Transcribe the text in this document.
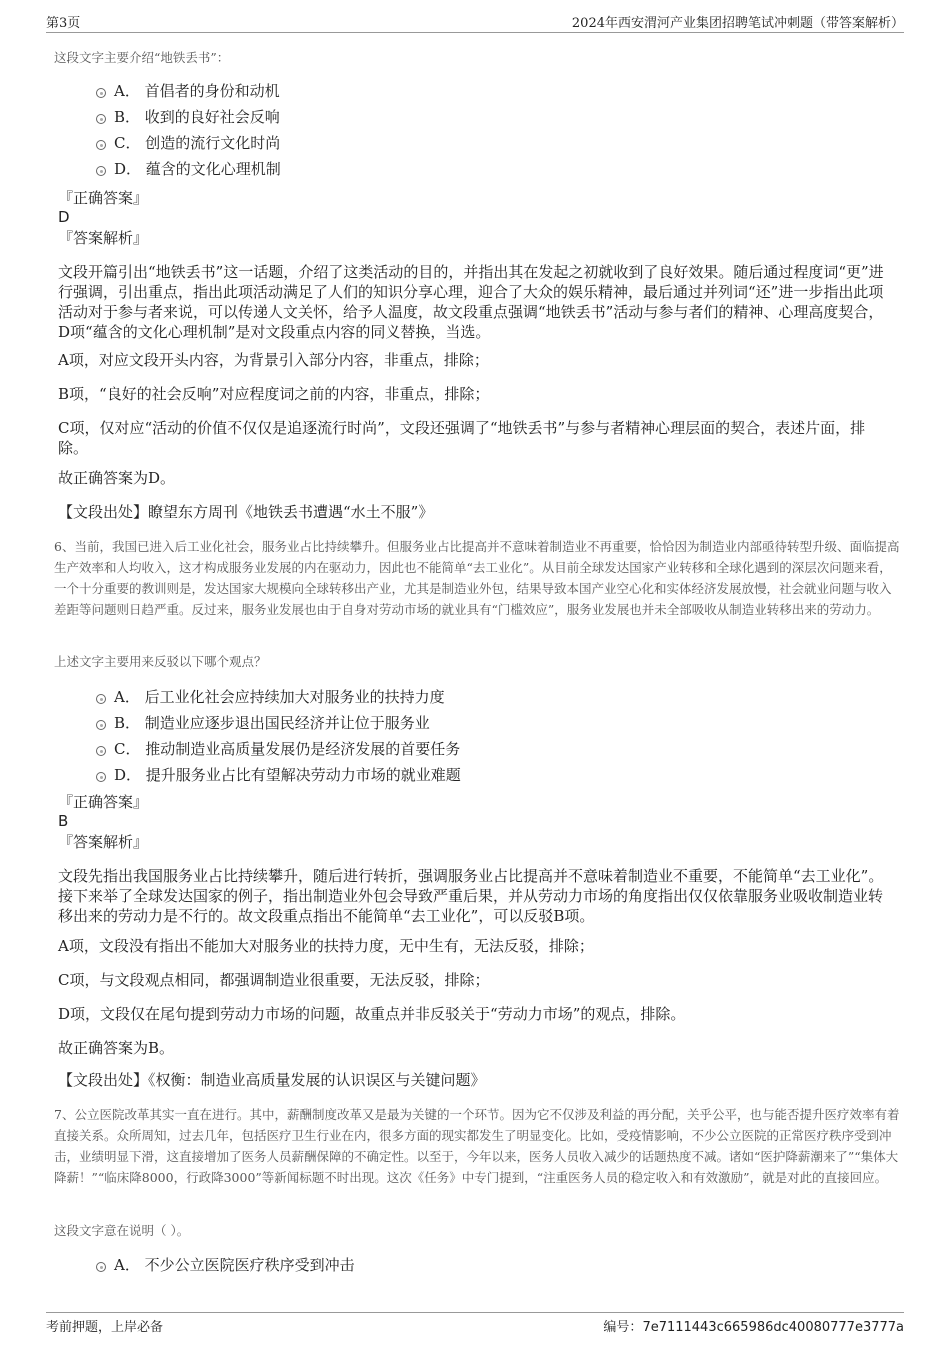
第3页	2024年西安渭河产业集团招聘笔试冲刺题（带答案解析）

这段文字主要介绍“地铁丢书”：

A． 首倡者的身份和动机
B． 收到的良好社会反响
C． 创造的流行文化时尚
D． 蕴含的文化心理机制

『正确答案』

D

『答案解析』

文段开篇引出“地铁丢书”这一话题，介绍了这类活动的目的，并指出其在发起之初就收到了良好效果。随后通过程度词“更”进行强调，引出重点，指出此项活动满足了人们的知识分享心理，迎合了大众的娱乐精神，最后通过并列词“还”进一步指出此项活动对于参与者来说，可以传递人文关怀，给予人温度，故文段重点强调“地铁丢书”活动与参与者们的精神、心理高度契合，D项“蕴含的文化心理机制”是对文段重点内容的同义替换，当选。

A项，对应文段开头内容，为背景引入部分内容，非重点，排除；

B项，“良好的社会反响”对应程度词之前的内容，非重点，排除；

C项，仅对应“活动的价值不仅仅是追逐流行时尚”，文段还强调了“地铁丢书”与参与者精神心理层面的契合，表述片面，排除。

故正确答案为D。

【文段出处】瞭望东方周刊《地铁丢书遭遇“水土不服”》

6、当前，我国已进入后工业化社会，服务业占比持续攀升。但服务业占比提高并不意味着制造业不再重要，恰恰因为制造业内部亟待转型升级、面临提高生产效率和人均收入，这才构成服务业发展的内在驱动力，因此也不能简单“去工业化”。从目前全球发达国家产业转移和全球化遇到的深层次问题来看，一个十分重要的教训则是，发达国家大规模向全球转移出产业，尤其是制造业外包，结果导致本国产业空心化和实体经济发展放慢，社会就业问题与收入差距等问题则日趋严重。反过来，服务业发展也由于自身对劳动市场的就业具有“门槛效应”，服务业发展也并未全部吸收从制造业转移出来的劳动力。

上述文字主要用来反驳以下哪个观点？

A． 后工业化社会应持续加大对服务业的扶持力度
B． 制造业应逐步退出国民经济并让位于服务业
C． 推动制造业高质量发展仍是经济发展的首要任务
D． 提升服务业占比有望解决劳动力市场的就业难题

『正确答案』

B

『答案解析』

文段先指出我国服务业占比持续攀升，随后进行转折，强调服务业占比提高并不意味着制造业不重要，不能简单“去工业化”。接下来举了全球发达国家的例子，指出制造业外包会导致严重后果，并从劳动力市场的角度指出仅仅依靠服务业吸收制造业转移出来的劳动力是不行的。故文段重点指出不能简单“去工业化”，可以反驳B项。

A项，文段没有指出不能加大对服务业的扶持力度，无中生有，无法反驳，排除；

C项，与文段观点相同，都强调制造业很重要，无法反驳，排除；

D项，文段仅在尾句提到劳动力市场的问题，故重点并非反驳关于“劳动力市场”的观点，排除。

故正确答案为B。

【文段出处】《权衡：制造业高质量发展的认识误区与关键问题》

7、公立医院改革其实一直在进行。其中，薪酬制度改革又是最为关键的一个环节。因为它不仅涉及利益的再分配，关乎公平，也与能否提升医疗效率有着直接关系。众所周知，过去几年，包括医疗卫生行业在内，很多方面的现实都发生了明显变化。比如，受疫情影响，不少公立医院的正常医疗秩序受到冲击，业绩明显下滑，这直接增加了医务人员薪酬保障的不确定性。以至于，今年以来，医务人员收入减少的话题热度不减。诸如“医护降薪潮来了”“集体大降薪！”“临床降8000，行政降3000”等新闻标题不时出现。这次《任务》中专门提到，“注重医务人员的稳定收入和有效激励”，就是对此的直接回应。

这段文字意在说明（ ）。

A． 不少公立医院医疗秩序受到冲击
考前押题，上岸必备	编号：7e7111443c665986dc40080777e3777a
